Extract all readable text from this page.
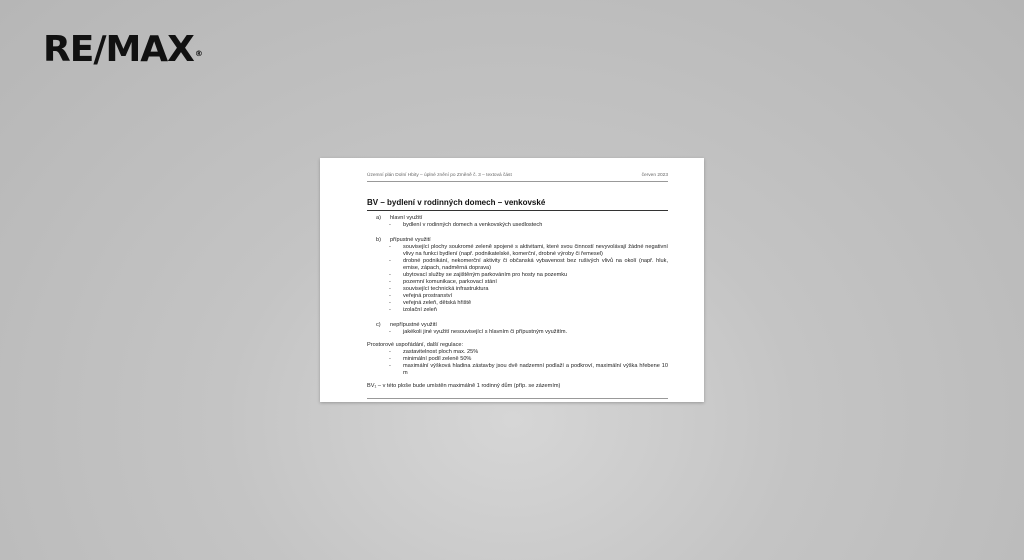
RE/MAX®
Územní plán Dolní Hbity – úplné znění po Změně č. 3 – textová část	červen 2023
BV – bydlení v rodinných domech – venkovské
a)	hlavní využití
-	bydlení v rodinných domech a venkovských usedlostech
b)	přípustné využití
-	související plochy soukromé zeleně spojené s aktivitami, které svou činností nevyvolávají žádné negativní vlivy na funkci bydlení (např. podnikatelské, komerční, drobné výroby či řemesel)
-	drobné podnikání, nekomerční aktivity či občanská vybavenost bez rušivých vlivů na okolí (např. hluk, emise, zápach, nadměrná doprava)
-	ubytovací služby se zajištěným parkováním pro hosty na pozemku
-	pozemní komunikace, parkovací stání
-	související technická infrastruktura
-	veřejná prostranství
-	veřejná zeleň, dětská hřiště
-	izolační zeleň
c)	nepřípustné využití
-	jakékoli jiné využití nesouvisející s hlavním či přípustným využitím.
Prostorové uspořádání, další regulace:
-	zastavitelnost ploch max. 25%
-	minimální podíl zeleně 50%
-	maximální výšková hladina zástavby jsou dvě nadzemní podlaží a podkroví, maximální výška hřebene 10 m
BV₁ – v této ploše bude umístěn maximálně 1 rodinný dům (příp. se zázemím)
